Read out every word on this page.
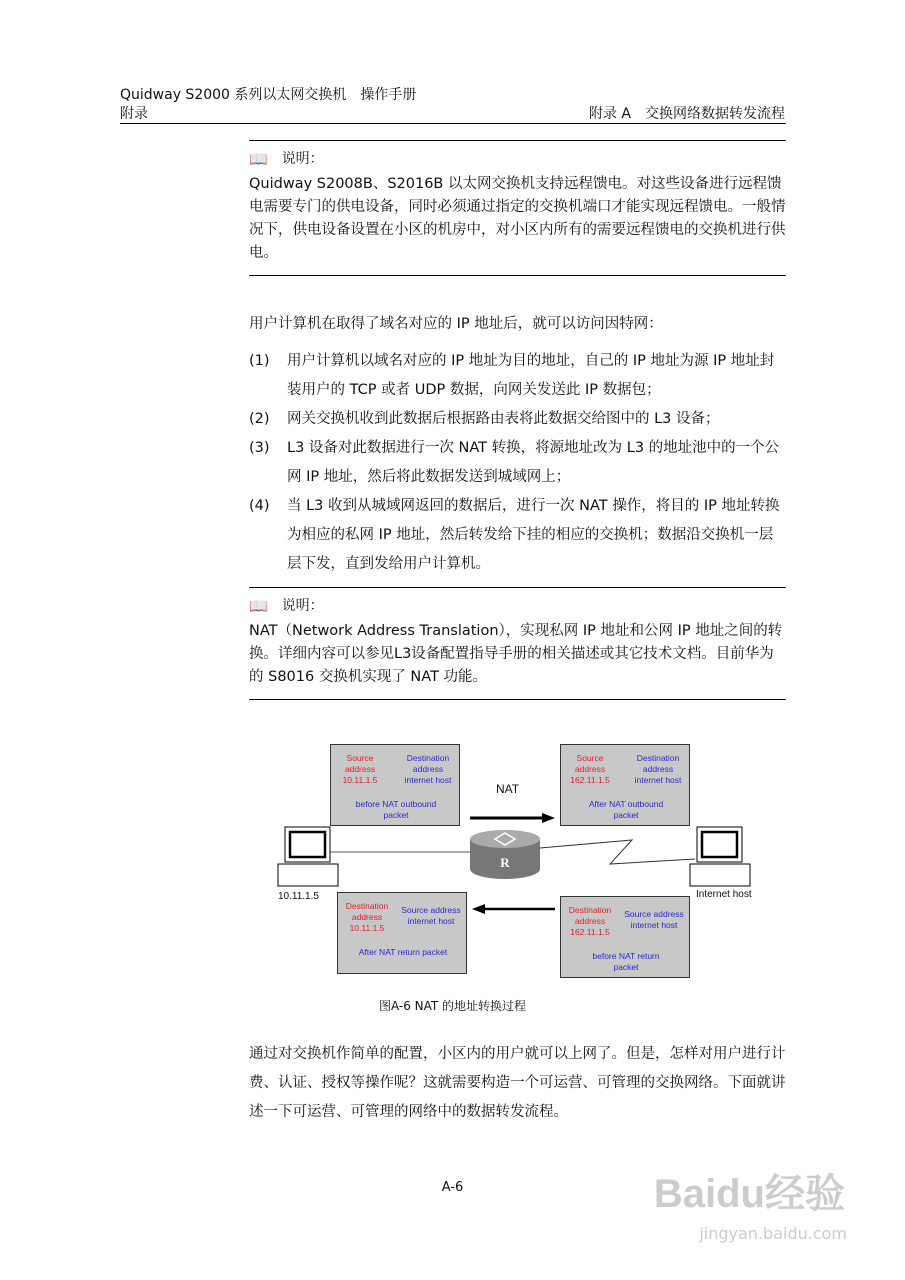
Quidway S2000 系列以太网交换机　操作手册
附录	附录 A　交换网络数据转发流程
📖 说明：
Quidway S2008B、S2016B 以太网交换机支持远程馈电。对这些设备进行远程馈电需要专门的供电设备，同时必须通过指定的交换机端口才能实现远程馈电。一般情况下，供电设备设置在小区的机房中，对小区内所有的需要远程馈电的交换机进行供电。
用户计算机在取得了域名对应的 IP 地址后，就可以访问因特网：
(1)	用户计算机以域名对应的 IP 地址为目的地址，自己的 IP 地址为源 IP 地址封装用户的 TCP 或者 UDP 数据，向网关发送此 IP 数据包；
(2)	网关交换机收到此数据后根据路由表将此数据交给图中的 L3 设备；
(3)	L3 设备对此数据进行一次 NAT 转换，将源地址改为 L3 的地址池中的一个公网 IP 地址，然后将此数据发送到城域网上；
(4)	当 L3 收到从城域网返回的数据后，进行一次 NAT 操作，将目的 IP 地址转换为相应的私网 IP 地址，然后转发给下挂的相应的交换机；数据沿交换机一层层下发，直到发给用户计算机。
📖 说明：
NAT（Network Address Translation），实现私网 IP 地址和公网 IP 地址之间的转换。详细内容可以参见L3设备配置指导手册的相关描述或其它技术文档。目前华为的 S8016 交换机实现了 NAT 功能。
R
NAT
10.11.1.5	Internet host
Source address 10.11.1.5
Destination address internet host
before NAT outbound packet
Source address 162.11.1.5
Destination address internet host
After NAT outbound packet
Destination address 10.11.1.5
Source address internet host
After NAT return packet
Destination address 162.11.1.5
Source address internet host
before NAT return packet
图A-6 NAT 的地址转换过程
通过对交换机作简单的配置，小区内的用户就可以上网了。但是，怎样对用户进行计费、认证、授权等操作呢？这就需要构造一个可运营、可管理的交换网络。下面就讲述一下可运营、可管理的网络中的数据转发流程。
A-6	Baidu经验
jingyan.baidu.com
